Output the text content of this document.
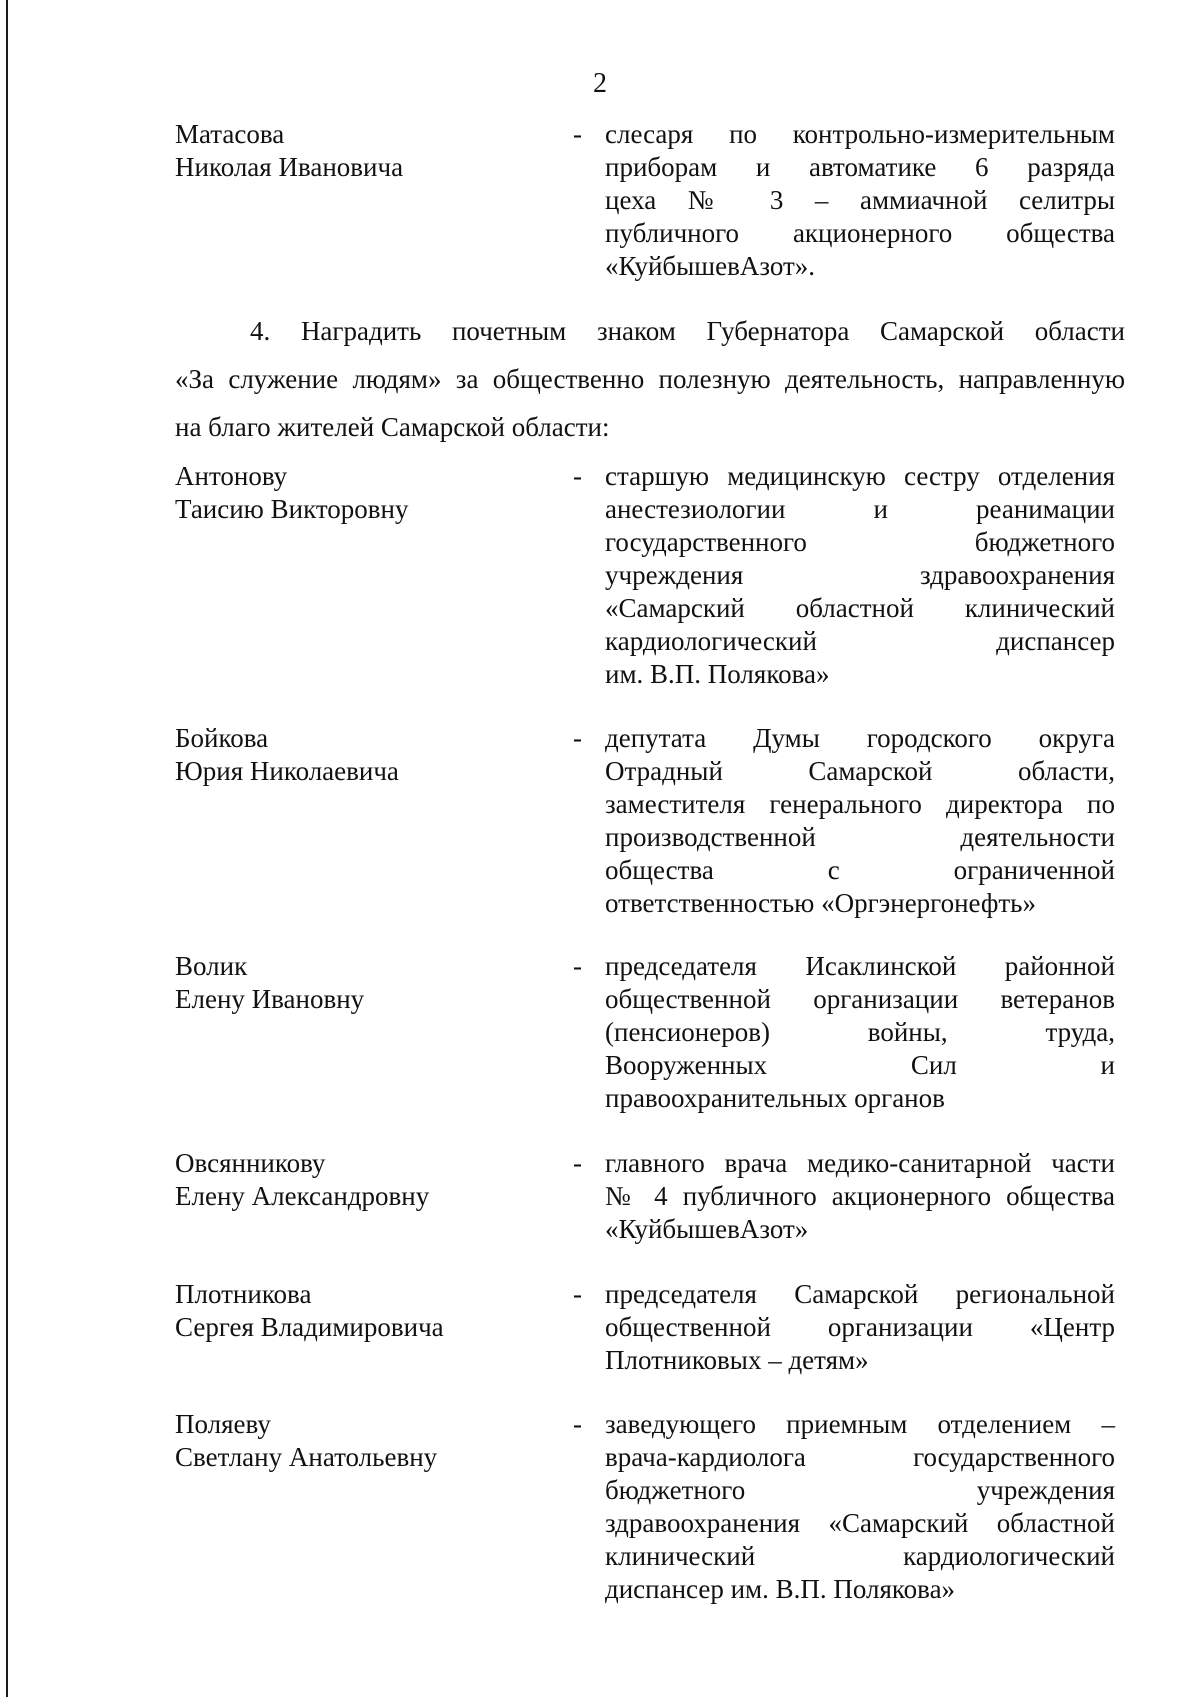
2
Матасова
Николая Ивановича
- слесаря по контрольно-измерительным
приборам и автоматике 6 разряда
цеха № 3 – аммиачной селитры
публичного акционерного общества
«КуйбышевАзот».
4. Наградить почетным знаком Губернатора Самарской области
«За служение людям» за общественно полезную деятельность, направленную
на благо жителей Самарской области:
Антонову
Таисию Викторовну
- старшую медицинскую сестру отделения
анестезиологии и реанимации
государственного бюджетного
учреждения здравоохранения
«Самарский областной клинический
кардиологический диспансер
им. В.П. Полякова»
Бойкова
Юрия Николаевича
- депутата Думы городского округа
Отрадный Самарской области,
заместителя генерального директора по
производственной деятельности
общества с ограниченной
ответственностью «Оргэнергонефть»
Волик
Елену Ивановну
- председателя Исаклинской районной
общественной организации ветеранов
(пенсионеров) войны, труда,
Вооруженных Сил и
правоохранительных органов
Овсянникову
Елену Александровну
- главного врача медико-санитарной части
№ 4 публичного акционерного общества
«КуйбышевАзот»
Плотникова
Сергея Владимировича
- председателя Самарской региональной
общественной организации «Центр
Плотниковых – детям»
Поляеву
Светлану Анатольевну
- заведующего приемным отделением –
врача-кардиолога государственного
бюджетного учреждения
здравоохранения «Самарский областной
клинический кардиологический
диспансер им. В.П. Полякова»
